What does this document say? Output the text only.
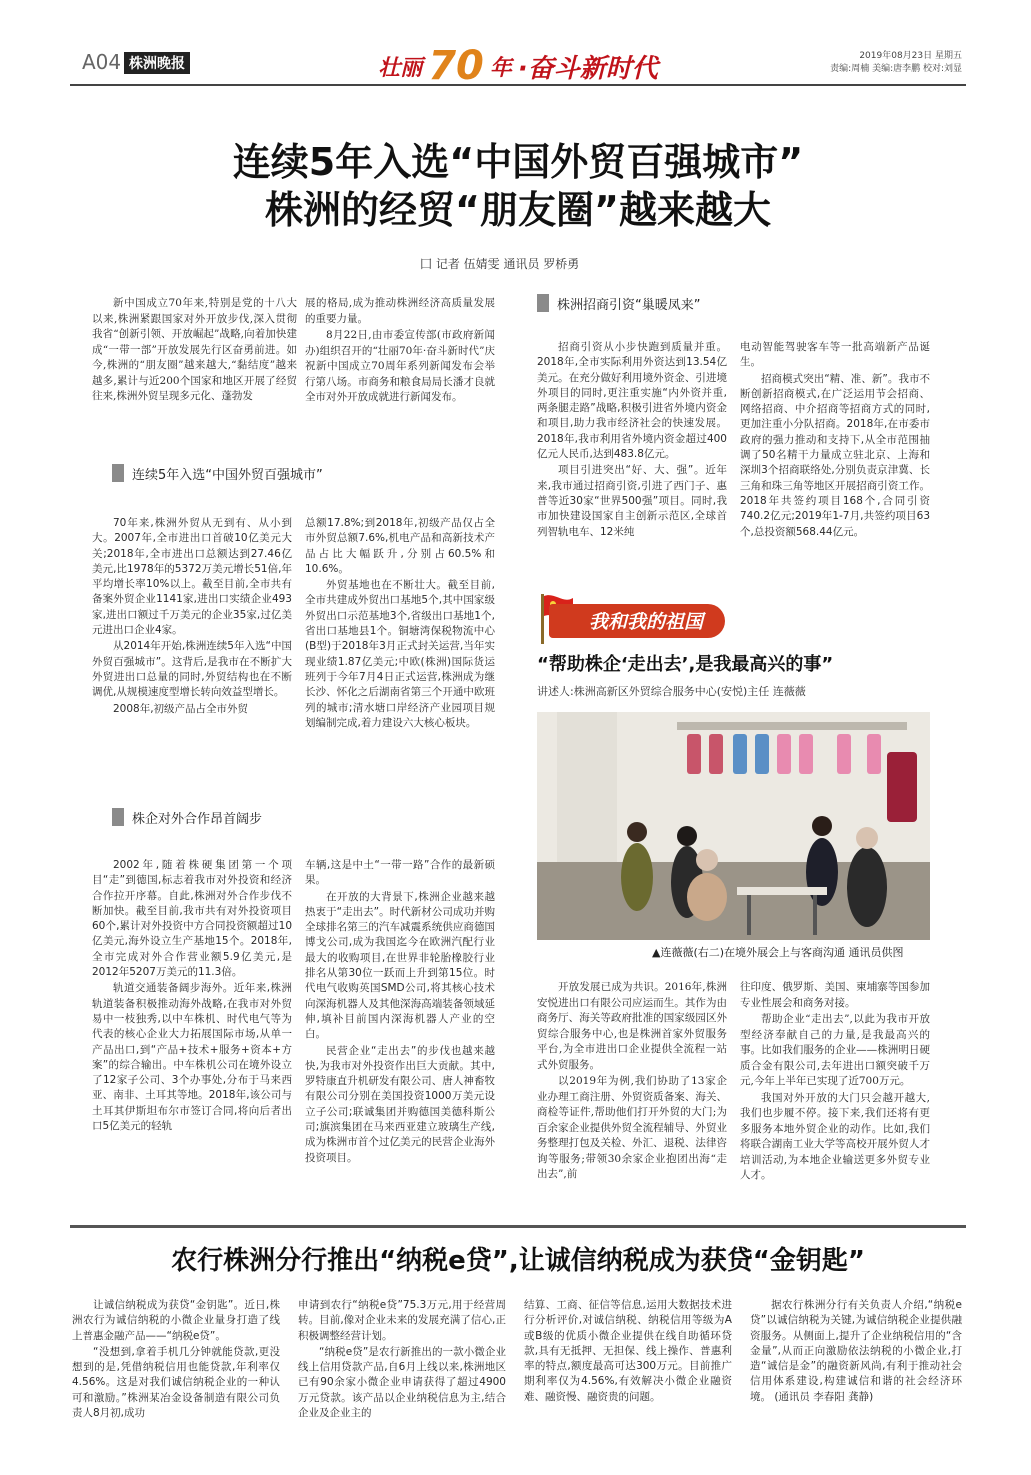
A04 株洲晚报	壮丽 70 年 ·奋斗新时代	2019年08月23日 星期五
责编:周楠 美编:唐李鹏 校对:刘显
连续5年入选“中国外贸百强城市”
株洲的经贸“朋友圈”越来越大
囗 记者 伍婧雯 通讯员 罗桥勇

新中国成立70年来,特别是党的十八大以来,株洲紧跟国家对外开放步伐,深入贯彻我省“创新引领、开放崛起”战略,向着加快建成“一带一部”开放发展先行区奋勇前进。如今,株洲的“朋友圈”越来越大,“黏结度”越来越多,累计与近200个国家和地区开展了经贸往来,株洲外贸呈现多元化、蓬勃发

展的格局,成为推动株洲经济高质量发展的重要力量。

8月22日,由市委宣传部(市政府新闻办)组织召开的“壮丽70年·奋斗新时代”庆祝新中国成立70周年系列新闻发布会举行第八场。市商务和粮食局局长潘才良就全市对外开放成就进行新闻发布。

连续5年入选“中国外贸百强城市”

70年来,株洲外贸从无到有、从小到大。2007年,全市进出口首破10亿美元大关;2018年,全市进出口总额达到27.46亿美元,比1978年的5372万美元增长51倍,年平均增长率10%以上。截至目前,全市共有备案外贸企业1141家,进出口实绩企业493家,进出口额过千万美元的企业35家,过亿美元进出口企业4家。

从2014年开始,株洲连续5年入选“中国外贸百强城市”。这背后,是我市在不断扩大外贸进出口总量的同时,外贸结构也在不断调优,从规模速度型增长转向效益型增长。

2008年,初级产品占全市外贸

总额17.8%;到2018年,初级产品仅占全市外贸总额7.6%,机电产品和高新技术产品占比大幅跃升,分别占60.5%和10.6%。

外贸基地也在不断壮大。截至目前,全市共建成外贸出口基地5个,其中国家级外贸出口示范基地3个,省级出口基地1个,省出口基地县1个。铜塘湾保税物流中心(B型)于2018年3月正式封关运营,当年实现业绩1.87亿美元;中欧(株洲)国际货运班列于今年7月4日正式运营,株洲成为继长沙、怀化之后湖南省第三个开通中欧班列的城市;清水塘口岸经济产业园项目规划编制完成,着力建设六大核心板块。

株企对外合作昂首阔步

2002年,随着株硬集团第一个项目“走”到德国,标志着我市对外投资和经济合作拉开序幕。自此,株洲对外合作步伐不断加快。截至目前,我市共有对外投资项目60个,累计对外投资中方合同投资额超过10亿美元,海外设立生产基地15个。2018年,全市完成对外合作营业额5.9亿美元,是2012年5207万美元的11.3倍。

轨道交通装备阔步海外。近年来,株洲轨道装备积极推动海外战略,在我市对外贸易中一枝独秀,以中车株机、时代电气等为代表的核心企业大力拓展国际市场,从单一产品出口,到“产品+技术+服务+资本+方案”的综合输出。中车株机公司在境外设立了12家子公司、3个办事处,分布于马来西亚、南非、土耳其等地。2018年,该公司与土耳其伊斯坦布尔市签订合同,将向后者出口5亿美元的轻轨

车辆,这是中土“一带一路”合作的最新硕果。

在开放的大背景下,株洲企业越来越热衷于“走出去”。时代新材公司成功并购全球排名第三的汽车减震系统供应商德国博戈公司,成为我国迄今在欧洲汽配行业最大的收购项目,在世界非轮胎橡胶行业排名从第30位一跃而上升到第15位。时代电气收购英国SMD公司,将其核心技术向深海机器人及其他深海高端装备领域延伸,填补目前国内深海机器人产业的空白。

民营企业“走出去”的步伐也越来越快,为我市对外投资作出巨大贡献。其中,罗特康直升机研发有限公司、唐人神畜牧有限公司分别在美国投资1000万美元设立子公司;联诚集团并购德国美德科斯公司;旗滨集团在马来西亚建立玻璃生产线,成为株洲市首个过亿美元的民营企业海外投资项目。

株洲招商引资“巢暖凤来”

招商引资从小步快跑到质量并重。2018年,全市实际利用外资达到13.54亿美元。在充分做好利用境外资金、引进境外项目的同时,更注重实施“内外资并重,两条腿走路”战略,积极引进省外境内资金和项目,助力我市经济社会的快速发展。2018年,我市利用省外境内资金超过400亿元人民币,达到483.8亿元。

项目引进突出“好、大、强”。近年来,我市通过招商引资,引进了西门子、惠普等近30家“世界500强”项目。同时,我市加快建设国家自主创新示范区,全球首列智轨电车、12米纯

电动智能驾驶客车等一批高端新产品诞生。

招商模式突出“精、准、新”。我市不断创新招商模式,在广泛运用节会招商、网络招商、中介招商等招商方式的同时,更加注重小分队招商。2018年,在市委市政府的强力推动和支持下,从全市范围抽调了50名精干力量成立驻北京、上海和深圳3个招商联络处,分别负责京津冀、长三角和珠三角等地区开展招商引资工作。2018年共签约项目168个,合同引资740.2亿元;2019年1-7月,共签约项目63个,总投资额568.44亿元。

我和我的祖国
“帮助株企‘走出去’,是我最高兴的事”
讲述人:株洲高新区外贸综合服务中心(安悦)主任 连薇薇
▲连薇薇(右二)在境外展会上与客商沟通 通讯员供图

开放发展已成为共识。2016年,株洲安悦进出口有限公司应运而生。其作为由商务厅、海关等政府批准的国家级园区外贸综合服务中心,也是株洲首家外贸服务平台,为全市进出口企业提供全流程一站式外贸服务。

以2019年为例,我们协助了13家企业办理工商注册、外贸资质备案、海关、商检等证件,帮助他们打开外贸的大门;为百余家企业提供外贸全流程辅导、外贸业务整理打包及关检、外汇、退税、法律咨询等服务;带领30余家企业抱团出海“走出去”,前

往印度、俄罗斯、美国、柬埔寨等国参加专业性展会和商务对接。

帮助企业“走出去”,以此为我市开放型经济奉献自己的力量,是我最高兴的事。比如我们服务的企业——株洲明日硬质合金有限公司,去年进出口额突破千万元,今年上半年已实现了近700万元。

我国对外开放的大门只会越开越大,我们也步履不停。接下来,我们还将有更多服务本地外贸企业的动作。比如,我们将联合湖南工业大学等高校开展外贸人才培训活动,为本地企业输送更多外贸专业人才。

农行株洲分行推出“纳税e贷”,让诚信纳税成为获贷“金钥匙”

让诚信纳税成为获贷“金钥匙”。近日,株洲农行为诚信纳税的小微企业量身打造了线上普惠金融产品——“纳税e贷”。

“没想到,拿着手机几分钟就能贷款,更没想到的是,凭借纳税信用也能贷款,年利率仅4.56%。这是对我们诚信纳税企业的一种认可和激励。”株洲某冶金设备制造有限公司负责人8月初,成功

申请到农行“纳税e贷”75.3万元,用于经营周转。目前,像对企业未来的发展充满了信心,正积极调整经营计划。

“纳税e贷”是农行新推出的一款小微企业线上信用贷款产品,自6月上线以来,株洲地区已有90余家小微企业申请获得了超过4900万元贷款。该产品以企业纳税信息为主,结合企业及企业主的

结算、工商、征信等信息,运用大数据技术进行分析评价,对诚信纳税、纳税信用等级为A或B级的优质小微企业提供在线自助循环贷款,具有无抵押、无担保、线上操作、普惠利率的特点,额度最高可达300万元。目前推广期利率仅为4.56%,有效解决小微企业融资难、融资慢、融资贵的问题。

据农行株洲分行有关负责人介绍,“纳税e贷”以诚信纳税为关键,为诚信纳税企业提供融资服务。从侧面上,提升了企业纳税信用的“含金量”,从而正向激励依法纳税的小微企业,打造“诚信是金”的融资新风尚,有利于推动社会信用体系建设,构建诚信和谐的社会经济环境。 (通讯员 李春阳 龚静)
